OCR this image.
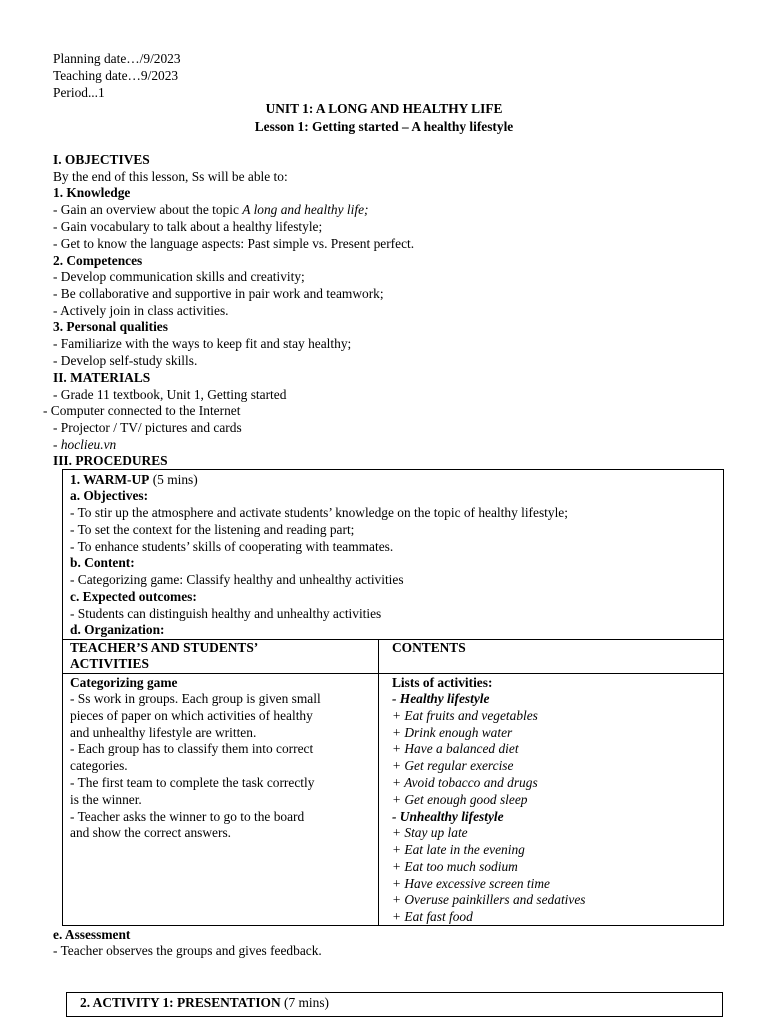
Planning date…/9/2023
Teaching date…9/2023
Period...1
UNIT 1: A LONG AND HEALTHY LIFE
Lesson 1: Getting started – A healthy lifestyle
I. OBJECTIVES
By the end of this lesson, Ss will be able to:
1. Knowledge
- Gain an overview about the topic A long and healthy life;
- Gain vocabulary to talk about a healthy lifestyle;
- Get to know the language aspects: Past simple vs. Present perfect.
2. Competences
- Develop communication skills and creativity;
- Be collaborative and supportive in pair work and teamwork;
- Actively join in class activities.
3. Personal qualities
- Familiarize with the ways to keep fit and stay healthy;
- Develop self-study skills.
II. MATERIALS
- Grade 11 textbook, Unit 1, Getting started
- Computer connected to the Internet
- Projector / TV/ pictures and cards
- hoclieu.vn
III. PROCEDURES
1. WARM-UP (5 mins)
a. Objectives:
- To stir up the atmosphere and activate students’ knowledge on the topic of healthy lifestyle;
- To set the context for the listening and reading part;
- To enhance students’ skills of cooperating with teammates.
b. Content:
- Categorizing game: Classify healthy and unhealthy activities
c. Expected outcomes:
- Students can distinguish healthy and unhealthy activities
d. Organization:
TEACHER’S AND STUDENTS’
ACTIVITIES
CONTENTS
Categorizing game
- Ss work in groups. Each group is given small
pieces of paper on which activities of healthy
and unhealthy lifestyle are written.
- Each group has to classify them into correct
categories.
- The first team to complete the task correctly
is the winner.
- Teacher asks the winner to go to the board
and show the correct answers.
Lists of activities:
- Healthy lifestyle
+ Eat fruits and vegetables
+ Drink enough water
+ Have a balanced diet
+ Get regular exercise
+ Avoid tobacco and drugs
+ Get enough good sleep
- Unhealthy lifestyle
+ Stay up late
+ Eat late in the evening
+ Eat too much sodium
+ Have excessive screen time
+ Overuse painkillers and sedatives
+ Eat fast food
e. Assessment
- Teacher observes the groups and gives feedback.
2. ACTIVITY 1: PRESENTATION (7 mins)
